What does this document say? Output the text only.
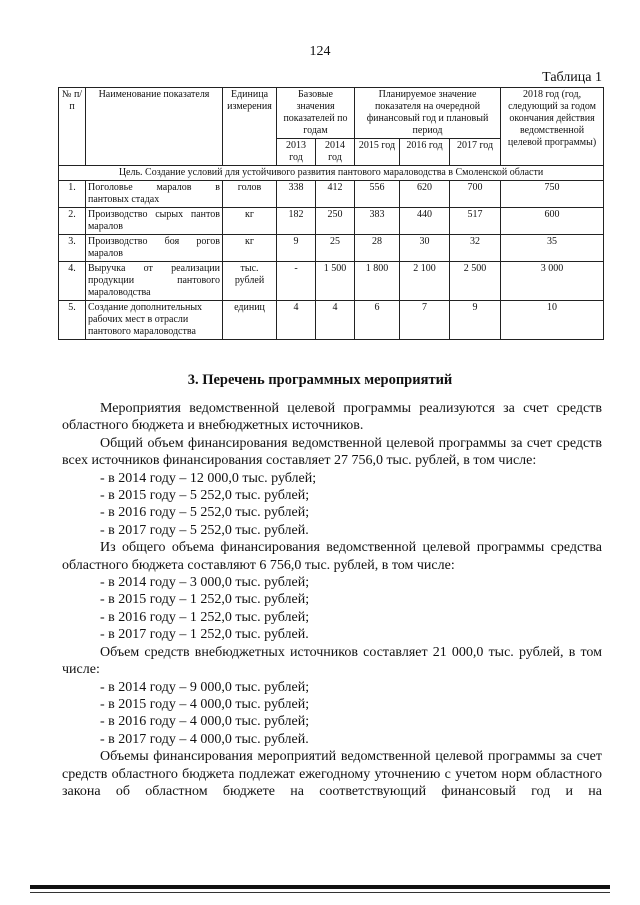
124
Таблица 1
№ п/п	Наименование показателя	Единица измерения	Базовые значения показателей по годам		Планируемое значение показателя на очередной финансовый год и плановый период			2018 год (год, следующий за годом окончания действия ведомственной целевой программы)
			2013 год	2014 год	2015 год	2016 год	2017 год	
Цель. Создание условий для устойчивого развития пантового мараловодства в Смоленской области								
1.	Поголовье маралов в пантовых стадах	голов	338	412	556	620	700	750
2.	Производство сырых пантов маралов	кг	182	250	383	440	517	600
3.	Производство боя рогов маралов	кг	9	25	28	30	32	35
4.	Выручка от реализации продукции пантового мараловодства	тыс. рублей	-	1 500	1 800	2 100	2 500	3 000
5.	Создание дополнительных рабочих мест в отрасли пантового мараловодства	единиц	4	4	6	7	9	10
3. Перечень программных мероприятий

Мероприятия ведомственной целевой программы реализуются за счет средств областного бюджета и внебюджетных источников.

Общий объем финансирования ведомственной целевой программы за счет средств всех источников финансирования составляет 27 756,0 тыс. рублей, в том числе:

- в 2014 году – 12 000,0 тыс. рублей;

- в 2015 году – 5 252,0 тыс. рублей;

- в 2016 году – 5 252,0 тыс. рублей;

- в 2017 году – 5 252,0 тыс. рублей.

Из общего объема финансирования ведомственной целевой программы средства областного бюджета составляют 6 756,0 тыс. рублей, в том числе:

- в 2014 году – 3 000,0 тыс. рублей;

- в 2015 году – 1 252,0 тыс. рублей;

- в 2016 году – 1 252,0 тыс. рублей;

- в 2017 году – 1 252,0 тыс. рублей.

Объем средств внебюджетных источников составляет 21 000,0 тыс. рублей, в том числе:

- в 2014 году – 9 000,0 тыс. рублей;

- в 2015 году – 4 000,0 тыс. рублей;

- в 2016 году – 4 000,0 тыс. рублей;

- в 2017 году – 4 000,0 тыс. рублей.

Объемы финансирования мероприятий ведомственной целевой программы за счет средств областного бюджета подлежат ежегодному уточнению с учетом норм областного закона об областном бюджете на соответствующий финансовый год и на
